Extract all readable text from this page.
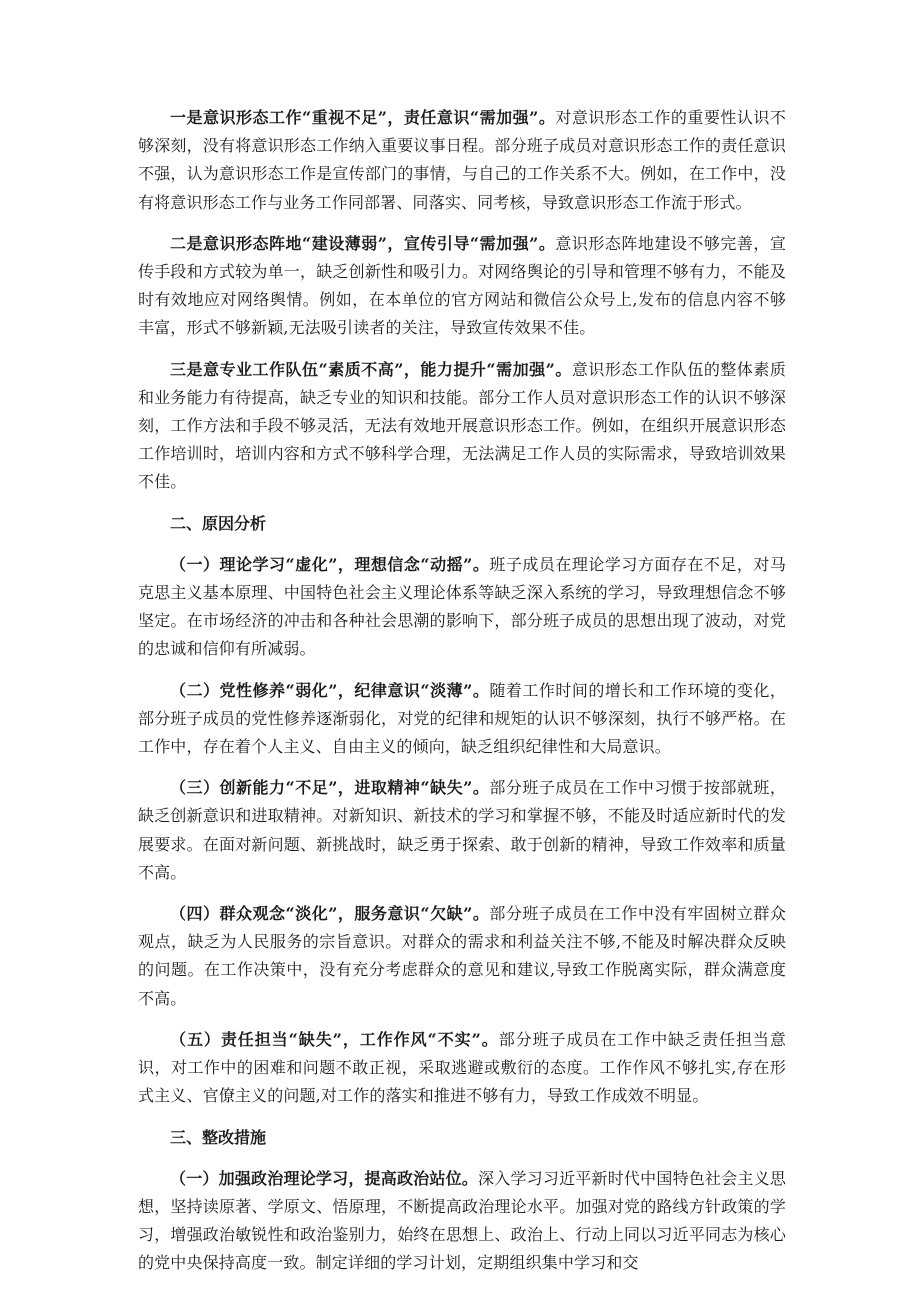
一是意识形态工作“重视不足”，责任意识“需加强”。对意识形态工作的重要性认识不够深刻，没有将意识形态工作纳入重要议事日程。部分班子成员对意识形态工作的责任意识不强，认为意识形态工作是宣传部门的事情，与自己的工作关系不大。例如，在工作中，没有将意识形态工作与业务工作同部署、同落实、同考核，导致意识形态工作流于形式。

二是意识形态阵地“建设薄弱”，宣传引导“需加强”。意识形态阵地建设不够完善，宣传手段和方式较为单一，缺乏创新性和吸引力。对网络舆论的引导和管理不够有力，不能及时有效地应对网络舆情。例如，在本单位的官方网站和微信公众号上,发布的信息内容不够丰富，形式不够新颖,无法吸引读者的关注，导致宣传效果不佳。

三是意专业工作队伍“素质不高”，能力提升“需加强”。意识形态工作队伍的整体素质和业务能力有待提高，缺乏专业的知识和技能。部分工作人员对意识形态工作的认识不够深刻，工作方法和手段不够灵活，无法有效地开展意识形态工作。例如，在组织开展意识形态工作培训时，培训内容和方式不够科学合理，无法满足工作人员的实际需求，导致培训效果不佳。

二、原因分析

（一）理论学习“虚化”，理想信念“动摇”。班子成员在理论学习方面存在不足，对马克思主义基本原理、中国特色社会主义理论体系等缺乏深入系统的学习，导致理想信念不够坚定。在市场经济的冲击和各种社会思潮的影响下，部分班子成员的思想出现了波动，对党的忠诚和信仰有所减弱。

（二）党性修养“弱化”，纪律意识“淡薄”。随着工作时间的增长和工作环境的变化，部分班子成员的党性修养逐渐弱化，对党的纪律和规矩的认识不够深刻，执行不够严格。在工作中，存在着个人主义、自由主义的倾向，缺乏组织纪律性和大局意识。

（三）创新能力“不足”，进取精神“缺失”。部分班子成员在工作中习惯于按部就班，缺乏创新意识和进取精神。对新知识、新技术的学习和掌握不够，不能及时适应新时代的发展要求。在面对新问题、新挑战时，缺乏勇于探索、敢于创新的精神，导致工作效率和质量不高。

（四）群众观念“淡化”，服务意识“欠缺”。部分班子成员在工作中没有牢固树立群众观点，缺乏为人民服务的宗旨意识。对群众的需求和利益关注不够,不能及时解决群众反映的问题。在工作决策中，没有充分考虑群众的意见和建议,导致工作脱离实际，群众满意度不高。

（五）责任担当“缺失”，工作作风“不实”。部分班子成员在工作中缺乏责任担当意识，对工作中的困难和问题不敢正视，采取逃避或敷衍的态度。工作作风不够扎实,存在形式主义、官僚主义的问题,对工作的落实和推进不够有力，导致工作成效不明显。

三、整改措施

（一）加强政治理论学习，提高政治站位。深入学习习近平新时代中国特色社会主义思想，坚持读原著、学原文、悟原理，不断提高政治理论水平。加强对党的路线方针政策的学习，增强政治敏锐性和政治鉴别力，始终在思想上、政治上、行动上同以习近平同志为核心的党中央保持高度一致。制定详细的学习计划，定期组织集中学习和交
